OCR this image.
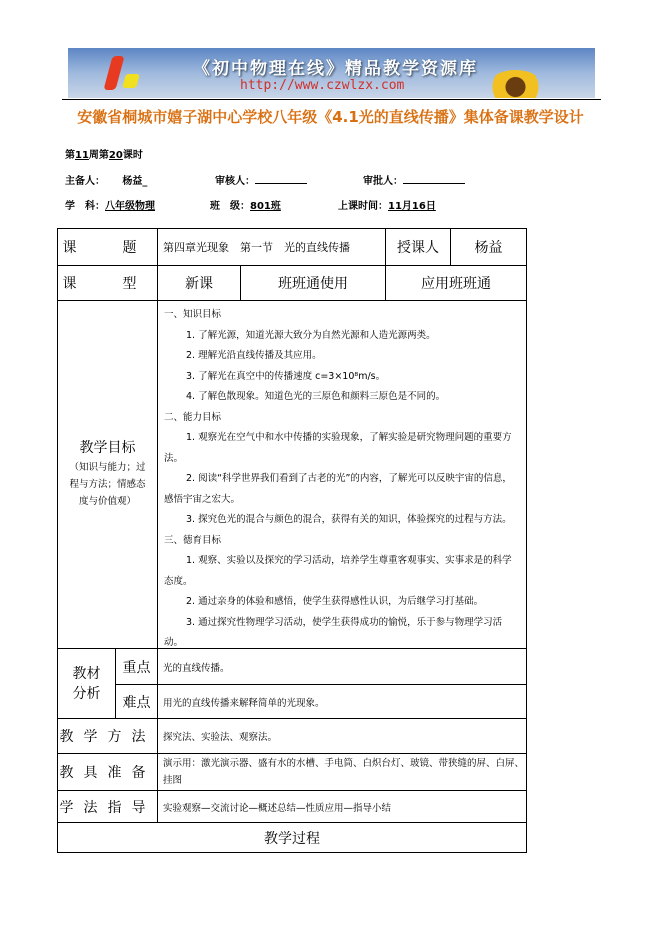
《初中物理在线》精品教学资源库
http://www.czwlzx.com
安徽省桐城市嬉子湖中心学校八年级《4.1光的直线传播》集体备课教学设计
第11周第20课时
主备人： 杨益_	审核人：	审批人：
学　科：八年级物理	班　级：801班	上课时间：11月16日
课　题 第四章光现象　第一节　光的直线传播	授课人	杨益
课　型	新课	班班通使用	应用班班通
教学目标
（知识与能力；过程与方法；情感态度与价值观）

一、知识目标

1. 了解光源，知道光源大致分为自然光源和人造光源两类。

2. 理解光沿直线传播及其应用。

3. 了解光在真空中的传播速度 c=3×10⁸m/s。

4. 了解色散现象。知道色光的三原色和颜料三原色是不同的。

二、能力目标

1. 观察光在空气中和水中传播的实验现象，了解实验是研究物理问题的重要方法。

2. 阅读“科学世界我们看到了古老的光”的内容，了解光可以反映宇宙的信息，感悟宇宙之宏大。

3. 探究色光的混合与颜色的混合，获得有关的知识，体验探究的过程与方法。

三、德育目标

1. 观察、实验以及探究的学习活动，培养学生尊重客观事实、实事求是的科学态度。

2. 通过亲身的体验和感悟，使学生获得感性认识，为后继学习打基础。

3. 通过探究性物理学习活动，使学生获得成功的愉悦，乐于参与物理学习活动。

教材分析
重点	光的直线传播。
难点	用光的直线传播来解释简单的光现象。
教学方法 探究法、实验法、观察法。
教具准备
演示用：激光演示器、盛有水的水槽、手电筒、白炽台灯、玻镜、带狭缝的屏、白屏、挂图
学法指导 实验观察—交流讨论—概述总结—性质应用—指导小结
教学过程
